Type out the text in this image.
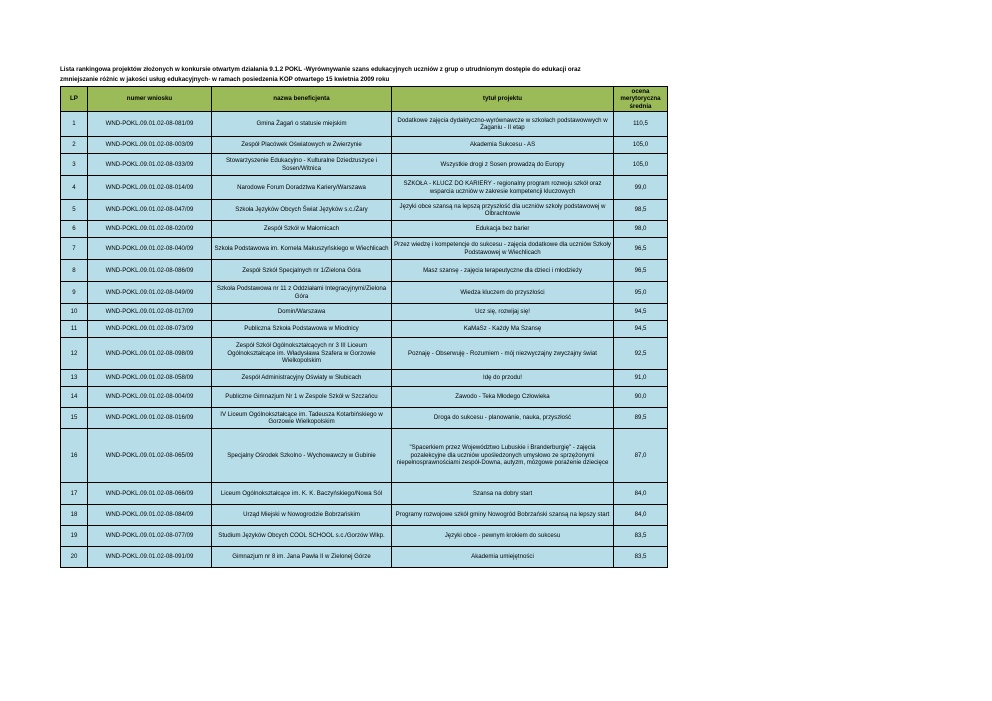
Lista rankingowa projektów złożonych w konkursie otwartym działania 9.1.2 POKL -Wyrównywanie szans edukacyjnych uczniów z grup o utrudnionym dostępie do edukacji oraz
zmniejszanie różnic w jakości usług edukacyjnych- w ramach posiedzenia KOP otwartego 15 kwietnia 2009 roku
LP	numer wniosku	nazwa beneficjenta	tytuł projektu	ocena merytoryczna średnia
1	WND-POKL.09.01.02-08-081/09	Gmina Żagań o statusie miejskim	Dodatkowe zajęcia dydaktyczno-wyrównawcze w szkołach podstawowwych w Żaganiu - II etap	110,5
2	WND-POKL.09.01.02-08-003/09	Zespół Placówek Oświatowych w Zwierzynie	Akademia Sukcesu - AS	105,0
3	WND-POKL.09.01.02-08-033/09	Stowarzyszenie Edukacyjno - Kulturalne Dziedzuszyce i Sosen/Witnica	Wszystkie drogi z Sosen prowadzą do Europy	105,0
4	WND-POKL.09.01.02-08-014/09	Narodowe Forum Doradztwa Kariery/Warszawa	SZKOŁA - KLUCZ DO KARIERY - regionalny program rozwoju szkół oraz wsparcia uczniów w zakresie kompetencji kluczowych	99,0
5	WND-POKL.09.01.02-08-047/09	Szkoła Języków Obcych Świat Języków s.c./Żary	Języki obce szansą na lepszą przyszłość dla uczniów szkoły podstawowej w Olbrachtowie	98,5
6	WND-POKL.09.01.02-08-020/09	Zespół Szkół w Małomicach	Edukacja bez barier	98,0
7	WND-POKL.09.01.02-08-040/09	Szkoła Podstawowa im. Kornela Makuszyńskiego w Wiechlicach	Przez wiedzę i kompetencje do sukcesu - zajęcia dodatkowe dla uczniów Szkoły Podstawowej w Wiechlicach	96,5
8	WND-POKL.09.01.02-08-086/09	Zespół Szkół Specjalnych nr 1/Zielona Góra	Masz szansę - zajęcia terapeutyczne dla dzieci i młodzieży	96,5
9	WND-POKL.09.01.02-08-049/09	Szkoła Podstawowa nr 11 z Oddziałami Integracyjnymi/Zielona Góra	Wiedza kluczem do przyszłości	95,0
10	WND-POKL.09.01.02-08-017/09	Domin/Warszawa	Ucz się, rozwijaj się!	94,5
11	WND-POKL.09.01.02-08-073/09	Publiczna Szkoła Podstawowa w Miodnicy	KaMaSz - Każdy Ma Szansę	94,5
12	WND-POKL.09.01.02-08-098/09	Zespół Szkół Ogólnokształcących nr 3 III Liceum Ogólnokształcące im. Władysława Szafera w Gorzowie Wielkopolskim	Poznaję - Obserwuję - Rozumiem - mój niezwyczajny zwyczajny świat	92,5
13	WND-POKL.09.01.02-08-058/09	Zespół Administracyjny Oświaty w Słubicach	Idę do przodu!	91,0
14	WND-POKL.09.01.02-08-004/09	Publiczne Gimnazjum Nr 1 w Zespole Szkół w Szczańcu	Zawodo - Teka Młodego Człowieka	90,0
15	WND-POKL.09.01.02-08-016/09	IV Liceum Ogólnokształcące im. Tadeusza Kotarbińskiego w Gorzowie Wielkopolskim	Droga do sukcesu - planowanie, nauka, przyszłość	89,5
16	WND-POKL.09.01.02-08-065/09	Specjalny Ośrodek Szkolno - Wychowawczy w Gubinie	"Spacerkiem przez Województwo Lubuskie i Branderburgię" - zajęcia pozalekcyjne dla uczniów upośledzonych umysłowo ze sprzężonymi niepełnosprawnościami zespół-Downa, autyzm, mózgowe porażenie dziecięce	87,0
17	WND-POKL.09.01.02-08-066/09	Liceum Ogólnokształcące im. K. K. Baczyńskiego/Nowa Sól	Szansa na dobry start	84,0
18	WND-POKL.09.01.02-08-084/09	Urząd Miejski w Nowogrodzie Bobrzańskim	Programy rozwojowe szkół gminy Nowogród Bobrzański szansą na lepszy start	84,0
19	WND-POKL.09.01.02-08-077/09	Studium Języków Obcych COOL SCHOOL s.c./Gorzów Wlkp.	Języki obce - pewnym krokiem do sukcesu	83,5
20	WND-POKL.09.01.02-08-091/09	Gimnazjum nr 8 im. Jana Pawła II w Zielonej Górze	Akademia umiejętności	83,5
